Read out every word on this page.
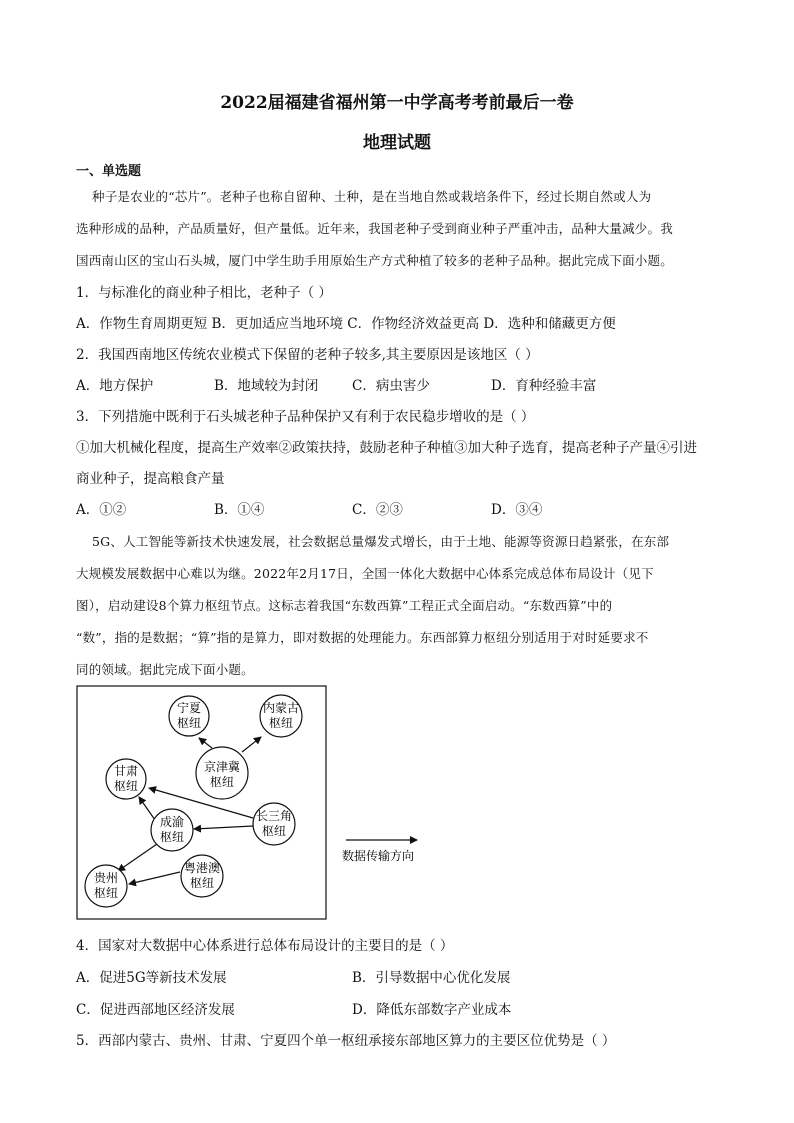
2022届福建省福州第一中学高考考前最后一卷
地理试题
一、单选题
种子是农业的“芯片”。老种子也称自留种、土种，是在当地自然或栽培条件下，经过长期自然或人为
选种形成的品种，产品质量好，但产量低。近年来，我国老种子受到商业种子严重冲击，品种大量减少。我
国西南山区的宝山石头城，厦门中学生助手用原始生产方式种植了较多的老种子品种。据此完成下面小题。
1．与标准化的商业种子相比，老种子（ ）
A．作物生育周期更短 B．更加适应当地环境 C．作物经济效益更高 D．选种和储藏更方便
2．我国西南地区传统农业模式下保留的老种子较多,其主要原因是该地区（ ）
A．地方保护	B．地域较为封闭 C．病虫害少	D．育种经验丰富
3．下列措施中既利于石头城老种子品种保护又有利于农民稳步增收的是（ ）
①加大机械化程度，提高生产效率②政策扶持，鼓励老种子种植③加大种子选育，提高老种子产量④引进
商业种子，提高粮食产量
A．①②	B．①④	C．②③	D．③④
5G、人工智能等新技术快速发展，社会数据总量爆发式增长，由于土地、能源等资源日趋紧张，在东部
大规模发展数据中心难以为继。2022年2月17日，全国一体化大数据中心体系完成总体布局设计（见下
图），启动建设8个算力枢纽节点。这标志着我国“东数西算”工程正式全面启动。“东数西算”中的
“数”，指的是数据；“算”指的是算力，即对数据的处理能力。东西部算力枢纽分别适用于对时延要求不
同的领域。据此完成下面小题。
宁夏
枢纽
内蒙古
枢纽
京津冀
枢纽
甘肃
枢纽
长三角
枢纽
成渝
枢纽
粤港澳
枢纽
贵州
枢纽
数据传输方向
4．国家对大数据中心体系进行总体布局设计的主要目的是（ ）
A．促进5G等新技术发展	B．引导数据中心优化发展
C．促进西部地区经济发展	D．降低东部数字产业成本
5．西部内蒙古、贵州、甘肃、宁夏四个单一枢纽承接东部地区算力的主要区位优势是（ ）
